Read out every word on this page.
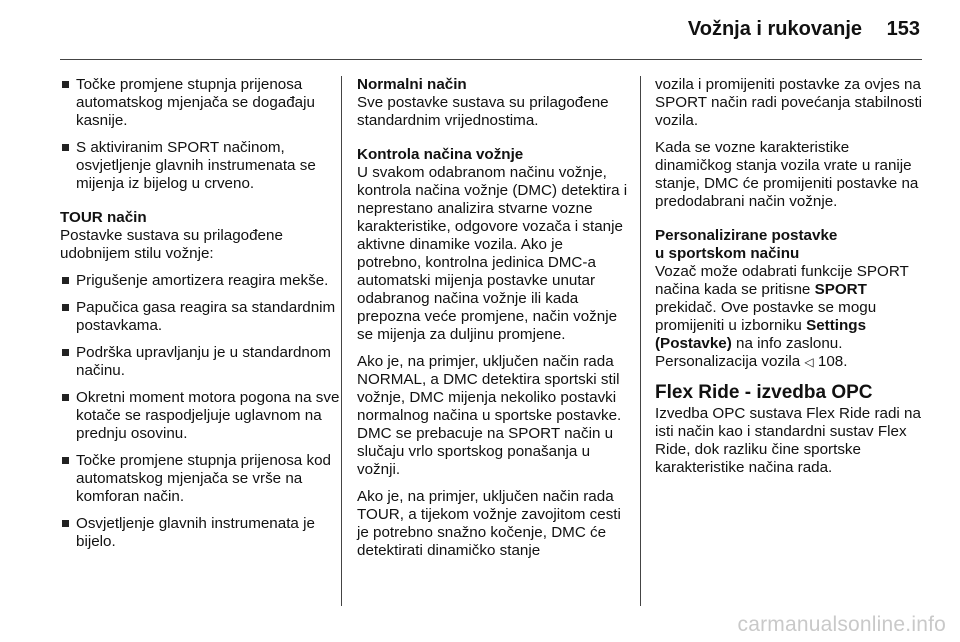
Vožnja i rukovanje 153
Točke promjene stupnja prijenosa automatskog mjenjača se događaju kasnije.
S aktiviranim SPORT načinom, osvjetljenje glavnih instrumenata se mijenja iz bijelog u crveno.
TOUR način
Postavke sustava su prilagođene udobnijem stilu vožnje:
Prigušenje amortizera reagira mekše.
Papučica gasa reagira sa standardnim postavkama.
Podrška upravljanju je u standardnom načinu.
Okretni moment motora pogona na sve kotače se raspodjeljuje uglavnom na prednju osovinu.
Točke promjene stupnja prijenosa kod automatskog mjenjača se vrše na komforan način.
Osvjetljenje glavnih instrumenata je bijelo.
Normalni način
Sve postavke sustava su prilagođene standardnim vrijednostima.
Kontrola načina vožnje
U svakom odabranom načinu vožnje, kontrola načina vožnje (DMC) detektira i neprestano analizira stvarne vozne karakteristike, odgovore vozača i stanje aktivne dinamike vozila. Ako je potrebno, kontrolna jedinica DMC-a automatski mijenja postavke unutar odabranog načina vožnje ili kada prepozna veće promjene, način vožnje se mijenja za duljinu promjene.
Ako je, na primjer, uključen način rada NORMAL, a DMC detektira sportski stil vožnje, DMC mijenja nekoliko postavki normalnog načina u sportske postavke. DMC se prebacuje na SPORT način u slučaju vrlo sportskog ponašanja u vožnji.
Ako je, na primjer, uključen način rada TOUR, a tijekom vožnje zavojitom cesti je potrebno snažno kočenje, DMC će detektirati dinamičko stanje
vozila i promijeniti postavke za ovjes na SPORT način radi povećanja stabilnosti vozila.
Kada se vozne karakteristike dinamičkog stanja vozila vrate u ranije stanje, DMC će promijeniti postavke na predodabrani način vožnje.
Personalizirane postavke
u sportskom načinu
Vozač može odabrati funkcije SPORT načina kada se pritisne SPORT prekidač. Ove postavke se mogu promijeniti u izborniku Settings (Postavke) na info zaslonu.
Personalizacija vozila ◁ 108.
Flex Ride - izvedba OPC
Izvedba OPC sustava Flex Ride radi na isti način kao i standardni sustav Flex Ride, dok razliku čine sportske karakteristike načina rada.
carmanualsonline.info
